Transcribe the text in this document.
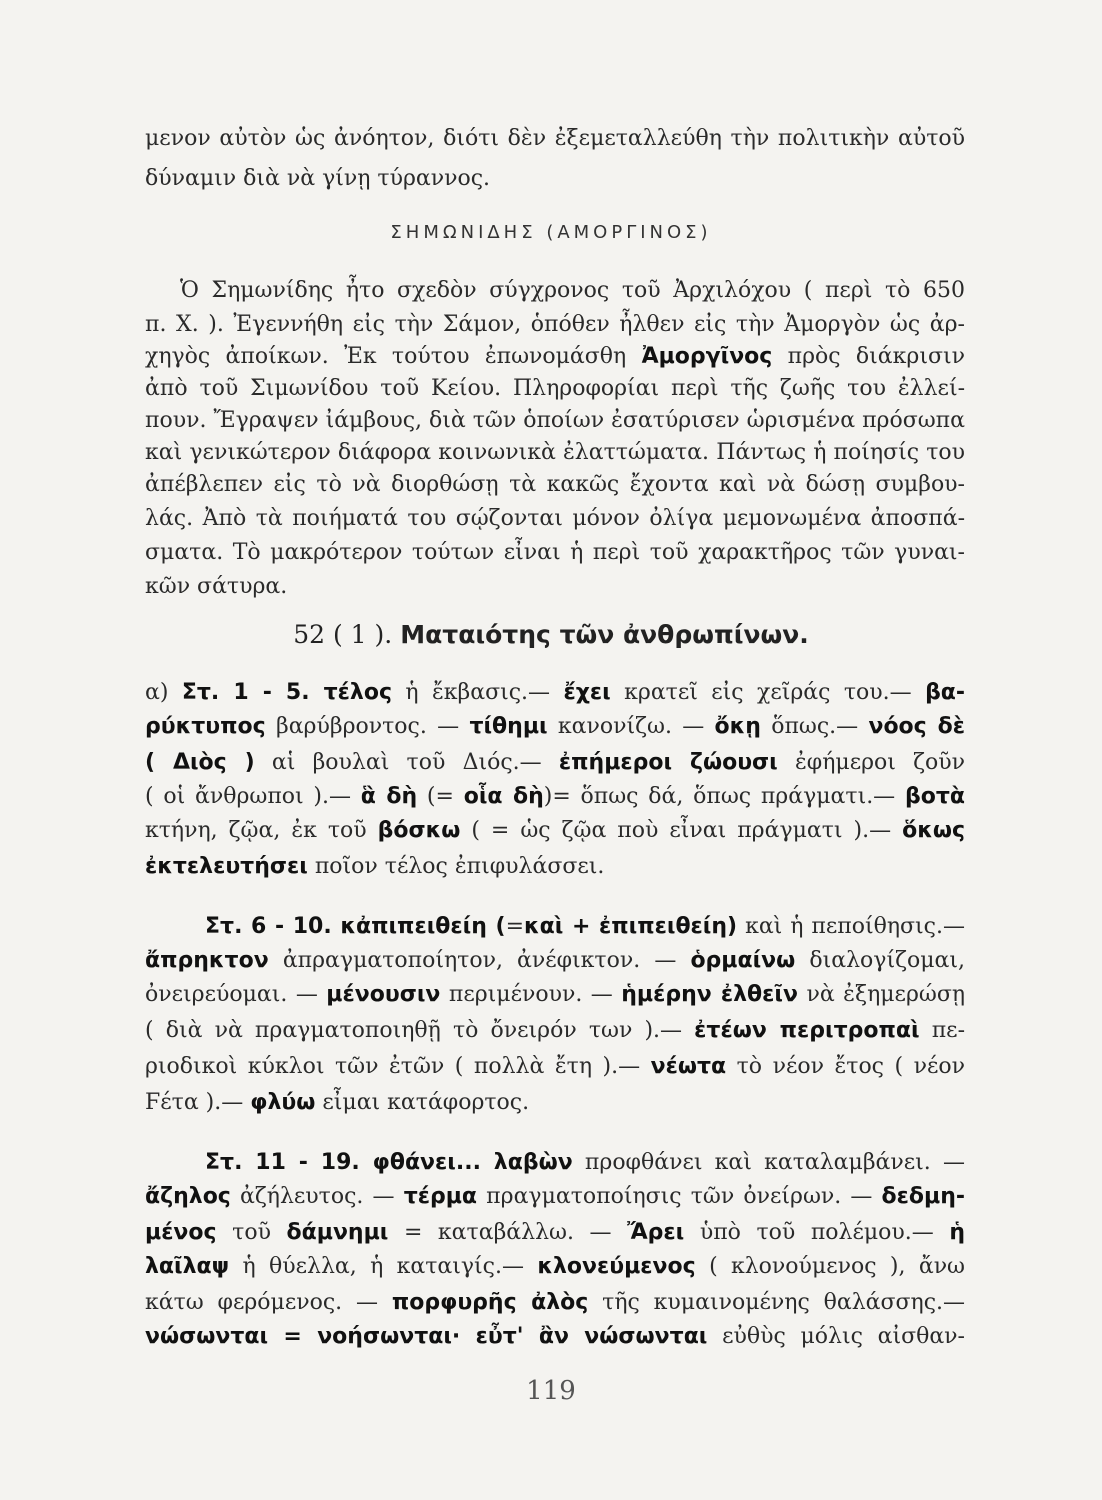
μενον αὐτὸν ὡς ἀνόητον, διότι δὲν ἐξεμεταλλεύθη τὴν πολιτικὴν αὐτοῦ
δύναμιν διὰ νὰ γίνῃ τύραννος.
ΣΗΜΩΝΙΔΗΣ (ΑΜΟΡΓΙΝΟΣ)
Ὁ Σημωνίδης ἦτο σχεδὸν σύγχρονος τοῦ Ἀρχιλόχου ( περὶ τὸ 650
π. Χ. ). Ἐγεννήθη εἰς τὴν Σάμον, ὁπόθεν ἦλθεν εἰς τὴν Ἀμοργὸν ὡς ἀρ-
χηγὸς ἀποίκων. Ἐκ τούτου ἐπωνομάσθη Ἀμοργῖνος πρὸς διάκρισιν
ἀπὸ τοῦ Σιμωνίδου τοῦ Κείου. Πληροφορίαι περὶ τῆς ζωῆς του ἐλλεί-
πουν. Ἔγραψεν ἰάμβους, διὰ τῶν ὁποίων ἐσατύρισεν ὡρισμένα πρόσωπα
καὶ γενικώτερον διάφορα κοινωνικὰ ἐλαττώματα. Πάντως ἡ ποίησίς του
ἀπέβλεπεν εἰς τὸ νὰ διορθώσῃ τὰ κακῶς ἔχοντα καὶ νὰ δώσῃ συμβου-
λάς. Ἀπὸ τὰ ποιήματά του σῴζονται μόνον ὀλίγα μεμονωμένα ἀποσπά-
σματα. Τὸ μακρότερον τούτων εἶναι ἡ περὶ τοῦ χαρακτῆρος τῶν γυναι-
κῶν σάτυρα.
52 ( 1 ). Ματαιότης τῶν ἀνθρωπίνων.
α) Στ. 1 - 5. τέλος ἡ ἔκβασις.— ἔχει κρατεῖ εἰς χεῖράς του.— βα-
ρύκτυπος βαρύβροντος. — τίθημι κανονίζω. — ὄκῃ ὅπως.— νόος δὲ
( Διὸς ) αἱ βουλαὶ τοῦ Διός.— ἐπήμεροι ζώουσι ἐφήμεροι ζοῦν
( οἱ ἄνθρωποι ).— ἃ δὴ (= οἷα δὴ)= ὅπως δά, ὅπως πράγματι.— βοτὰ
κτήνη, ζῷα, ἐκ τοῦ βόσκω ( = ὡς ζῷα ποὺ εἶναι πράγματι ).— ὅκως
ἐκτελευτήσει ποῖον τέλος ἐπιφυλάσσει.
Στ. 6 - 10. κἀπιπειθείη (=καὶ + ἐπιπειθείη) καὶ ἡ πεποίθησις.—
ἄπρηκτον ἀπραγματοποίητον, ἀνέφικτον. — ὁρμαίνω διαλογίζομαι,
ὀνειρεύομαι. — μένουσιν περιμένουν. — ἡμέρην ἐλθεῖν νὰ ἐξημερώσῃ
( διὰ νὰ πραγματοποιηθῇ τὸ ὄνειρόν των ).— ἐτέων περιτροπαὶ πε-
ριοδικοὶ κύκλοι τῶν ἐτῶν ( πολλὰ ἔτη ).— νέωτα τὸ νέον ἔτος ( νέον
Ϝέτα ).— φλύω εἶμαι κατάφορτος.
Στ. 11 - 19. φθάνει... λαβὼν προφθάνει καὶ καταλαμβάνει. —
ἄζηλος ἀζήλευτος. — τέρμα πραγματοποίησις τῶν ὀνείρων. — δεδμη-
μένος τοῦ δάμνημι = καταβάλλω. — Ἄρει ὑπὸ τοῦ πολέμου.— ἡ
λαῖλαψ ἡ θύελλα, ἡ καταιγίς.— κλονεύμενος ( κλονούμενος ), ἄνω
κάτω φερόμενος. — πορφυρῆς ἀλὸς τῆς κυμαινομένης θαλάσσης.—
νώσωνται = νοήσωνται· εὖτ' ἂν νώσωνται εὐθὺς μόλις αἰσθαν-
119
